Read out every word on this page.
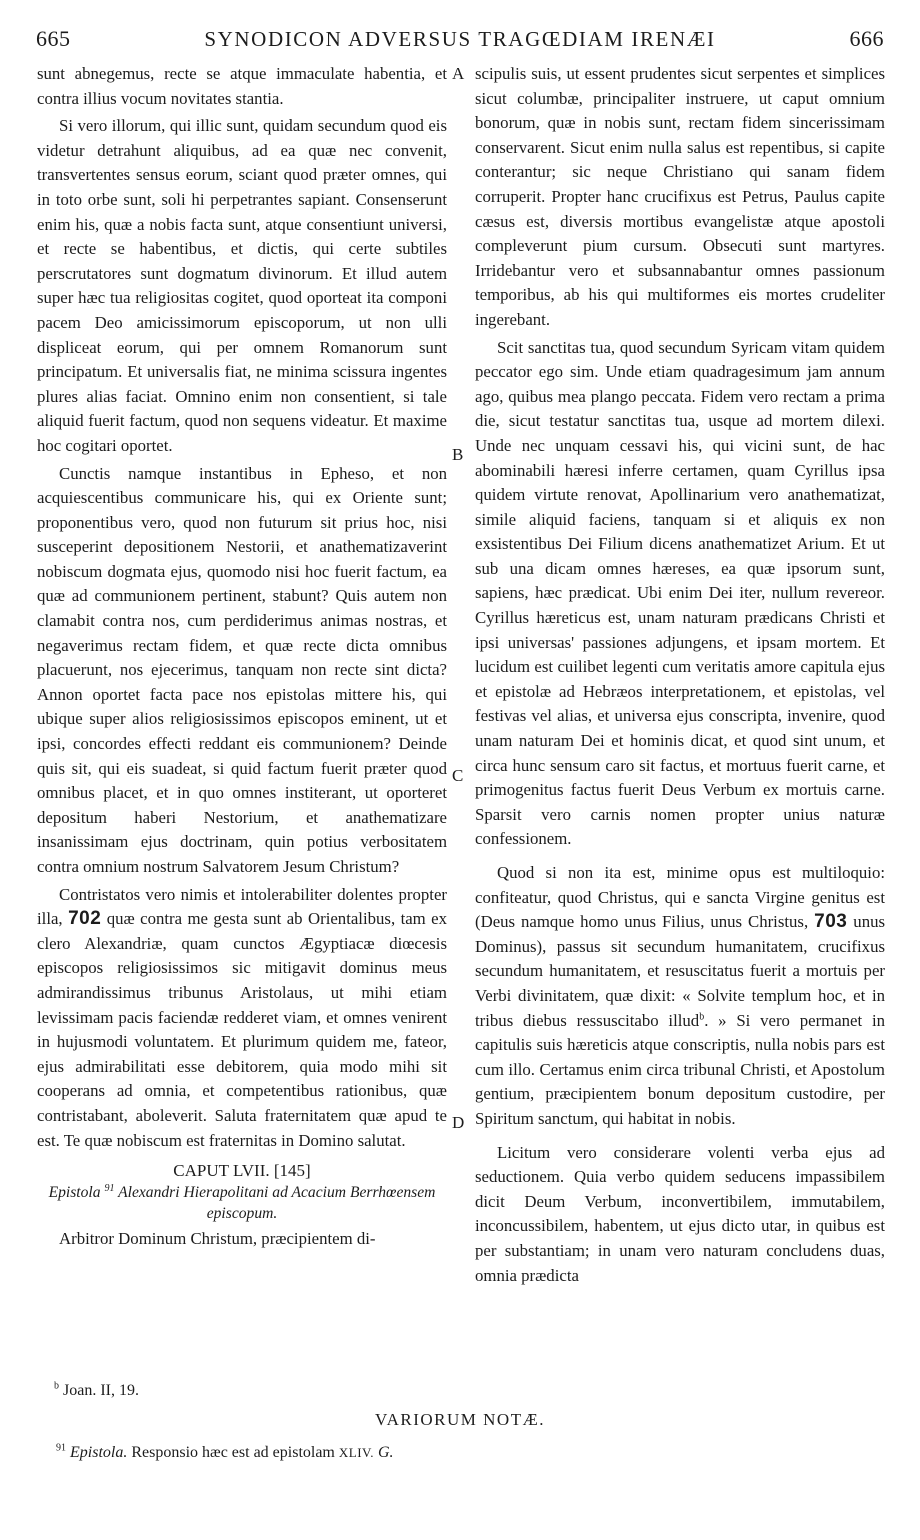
665	SYNODICON ADVERSUS TRAGŒDIAM IRENÆI	666

sunt abnegemus, recte se atque immaculate habentia, et contra illius vocum novitates stantia.

Si vero illorum, qui illic sunt, quidam secundum quod eis videtur detrahunt aliquibus, ad ea quæ nec convenit, transvertentes sensus eorum, sciant quod præter omnes, qui in toto orbe sunt, soli hi perpetrantes sapiant. Consenserunt enim his, quæ a nobis facta sunt, atque consentiunt universi, et recte se habentibus, et dictis, qui certe subtiles perscrutatores sunt dogmatum divinorum. Et illud autem super hæc tua religiositas cogitet, quod oporteat ita componi pacem Deo amicissimorum episcoporum, ut non ulli displiceat eorum, qui per omnem Romanorum sunt principatum. Et universalis fiat, ne minima scissura ingentes plures alias faciat. Omnino enim non consentient, si tale aliquid fuerit factum, quod non sequens videatur. Et maxime hoc cogitari oportet.

Cunctis namque instantibus in Epheso, et non acquiescentibus communicare his, qui ex Oriente sunt; proponentibus vero, quod non futurum sit prius hoc, nisi susceperint depositionem Nestorii, et anathematizaverint nobiscum dogmata ejus, quomodo nisi hoc fuerit factum, ea quæ ad communionem pertinent, stabunt? Quis autem non clamabit contra nos, cum perdiderimus animas nostras, et negaverimus rectam fidem, et quæ recte dicta omnibus placuerunt, nos ejecerimus, tanquam non recte sint dicta? Annon oportet facta pace nos epistolas mittere his, qui ubique super alios religiosissimos episcopos eminent, ut et ipsi, concordes effecti reddant eis communionem? Deinde quis sit, qui eis suadeat, si quid factum fuerit præter quod omnibus placet, et in quo omnes institerant, ut oporteret depositum haberi Nestorium, et anathematizare insanissimam ejus doctrinam, quin potius verbositatem contra omnium nostrum Salvatorem Jesum Christum?

Contristatos vero nimis et intolerabiliter dolentes propter illa, 702 quæ contra me gesta sunt ab Orientalibus, tam ex clero Alexandriæ, quam cunctos Ægyptiacæ diœcesis episcopos religiosissimos sic mitigavit dominus meus admirandissimus tribunus Aristolaus, ut mihi etiam levissimam pacis faciendæ redderet viam, et omnes venirent in hujusmodi voluntatem. Et plurimum quidem me, fateor, ejus admirabilitati esse debitorem, quia modo mihi sit cooperans ad omnia, et competentibus rationibus, quæ contristabant, aboleverit. Saluta fraternitatem quæ apud te est. Te quæ nobiscum est fraternitas in Domino salutat.

CAPUT LVII. [145]
Epistola $^{91}$ Alexandri Hierapolitani ad Acacium Berrhœensem episcopum.

Arbitror Dominum Christum, præcipientem di-

scipulis suis, ut essent prudentes sicut serpentes et simplices sicut columbæ, principaliter instruere, ut caput omnium bonorum, quæ in nobis sunt, rectam fidem sincerissimam conservarent. Sicut enim nulla salus est repentibus, si capite conterantur; sic neque Christiano qui sanam fidem corruperit. Propter hanc crucifixus est Petrus, Paulus capite cæsus est, diversis mortibus evangelistæ atque apostoli compleverunt pium cursum. Obsecuti sunt martyres. Irridebantur vero et subsannabantur omnes passionum temporibus, ab his qui multiformes eis mortes crudeliter ingerebant.

Scit sanctitas tua, quod secundum Syricam vitam quidem peccator ego sim. Unde etiam quadragesimum jam annum ago, quibus mea plango peccata. Fidem vero rectam a prima die, sicut testatur sanctitas tua, usque ad mortem dilexi. Unde nec unquam cessavi his, qui vicini sunt, de hac abominabili hæresi inferre certamen, quam Cyrillus ipsa quidem virtute renovat, Apollinarium vero anathematizat, simile aliquid faciens, tanquam si et aliquis ex non exsistentibus Dei Filium dicens anathematizet Arium. Et ut sub una dicam omnes hæreses, ea quæ ipsorum sunt, sapiens, hæc prædicat. Ubi enim Dei iter, nullum revereor. Cyrillus hæreticus est, unam naturam prædicans Christi et ipsi universas' passiones adjungens, et ipsam mortem. Et lucidum est cuilibet legenti cum veritatis amore capitula ejus et epistolæ ad Hebræos interpretationem, et epistolas, vel festivas vel alias, et universa ejus conscripta, invenire, quod unam naturam Dei et hominis dicat, et quod sint unum, et circa hunc sensum caro sit factus, et mortuus fuerit carne, et primogenitus factus fuerit Deus Verbum ex mortuis carne. Sparsit vero carnis nomen propter unius naturæ confessionem.

Quod si non ita est, minime opus est multiloquio: confiteatur, quod Christus, qui e sancta Virgine genitus est (Deus namque homo unus Filius, unus Christus, 703 unus Dominus), passus sit secundum humanitatem, crucifixus secundum humanitatem, et resuscitatus fuerit a mortuis per Verbi divinitatem, quæ dixit: « Solvite templum hoc, et in tribus diebus ressuscitabo illud$^b$. » Si vero permanet in capitulis suis hæreticis atque conscriptis, nulla nobis pars est cum illo. Certamus enim circa tribunal Christi, et Apostolum gentium, præcipientem bonum depositum custodire, per Spiritum sanctum, qui habitat in nobis.

Licitum vero considerare volenti verba ejus ad seductionem. Quia verbo quidem seducens impassibilem dicit Deum Verbum, inconvertibilem, immutabilem, inconcussibilem, habentem, ut ejus dicto utar, in quibus est per substantiam; in unam vero naturam concludens duas, omnia prædicta

A
B
C
D
$^b$ Joan. II, 19.
VARIORUM NOTÆ.
$^{91}$ Epistola. Responsio hæc est ad epistolam XLIV. G.
